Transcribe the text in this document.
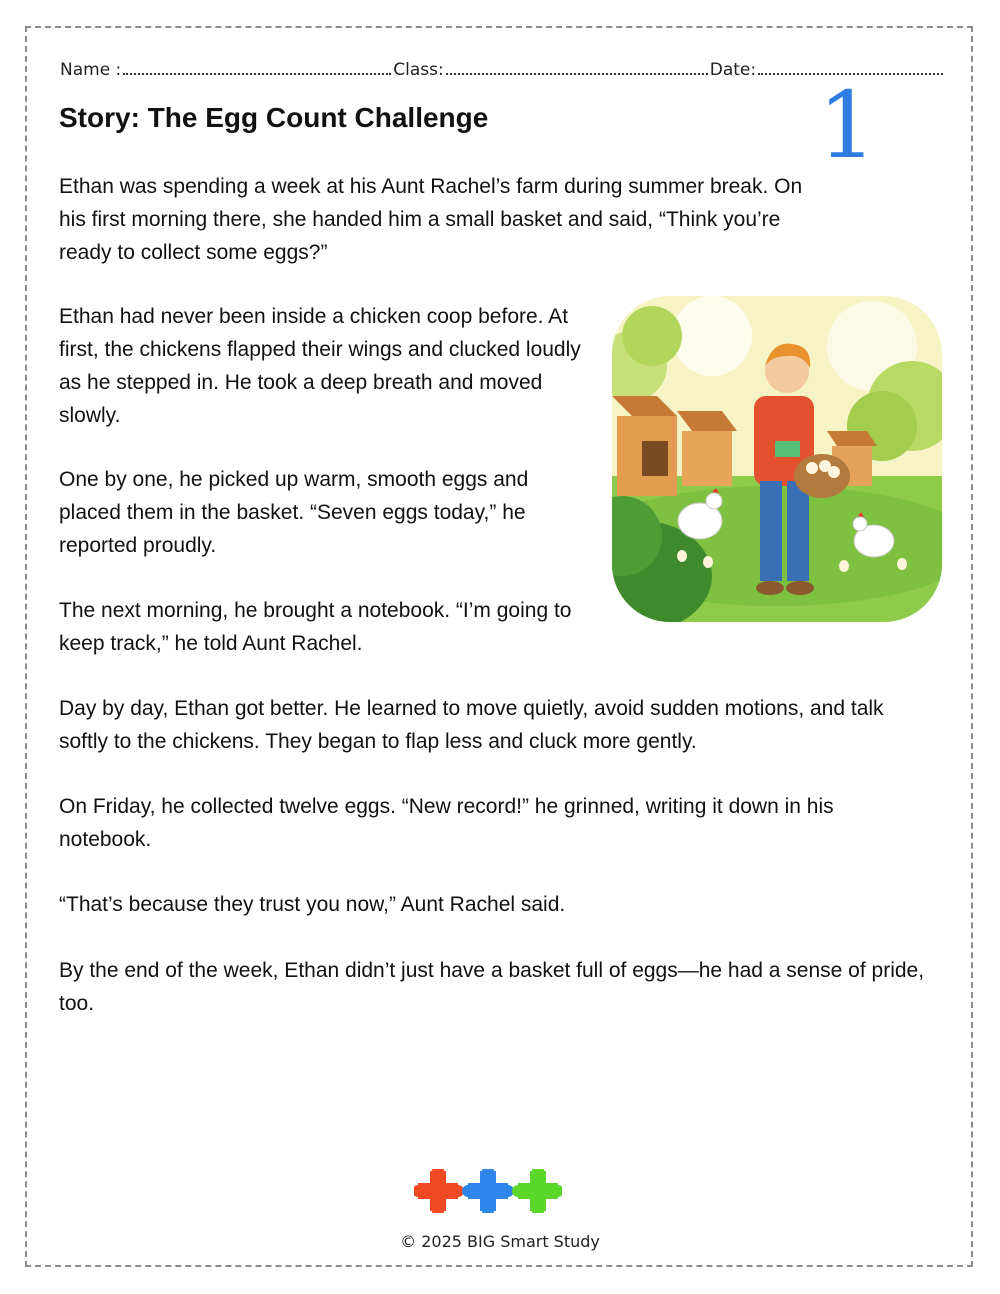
Name :	Class:	Date:
Story: The Egg Count Challenge	1

Ethan was spending a week at his Aunt Rachel’s farm during summer break. On his first morning there, she handed him a small basket and said, “Think you’re ready to collect some eggs?”

Ethan had never been inside a chicken coop before. At first, the chickens flapped their wings and clucked loudly as he stepped in. He took a deep breath and moved slowly.

One by one, he picked up warm, smooth eggs and placed them in the basket. “Seven eggs today,” he reported proudly.

The next morning, he brought a notebook. “I’m going to keep track,” he told Aunt Rachel.

Day by day, Ethan got better. He learned to move quietly, avoid sudden motions, and talk softly to the chickens. They began to flap less and cluck more gently.

On Friday, he collected twelve eggs. “New record!” he grinned, writing it down in his notebook.

“That’s because they trust you now,” Aunt Rachel said.

By the end of the week, Ethan didn’t just have a basket full of eggs—he had a sense of pride, too.

© 2025 BIG Smart Study
